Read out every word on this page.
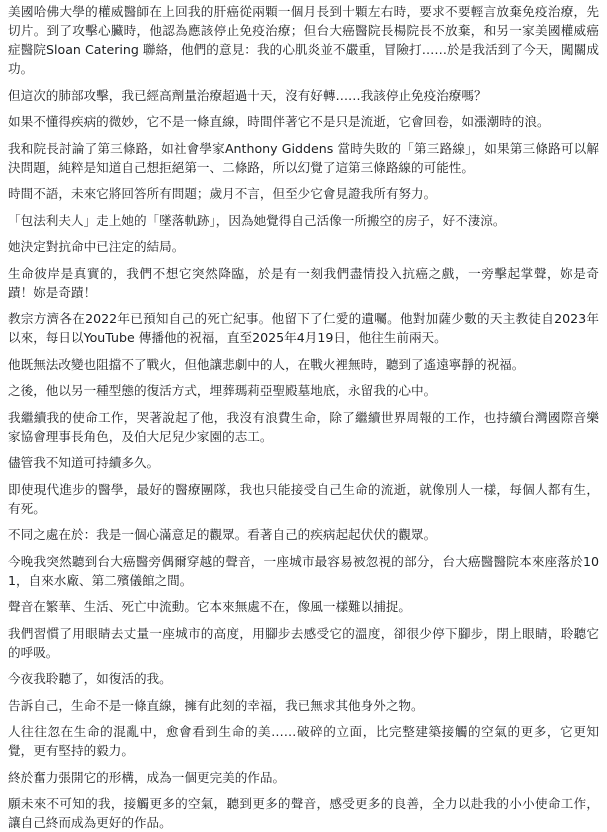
美國哈佛大學的權威醫師在上回我的肝癌從兩顆一個月長到十顆左右時，要求不要輕言放棄免疫治療，先切片。到了攻擊心臟時，他認為應該停止免疫治療；但台大癌醫院長楊院長不放棄，和另一家美國權威癌症醫院Sloan Catering 聯絡，他們的意見：我的心肌炎並不嚴重，冒險打……於是我活到了今天，闖關成功。

但這次的肺部攻擊，我已經高劑量治療超過十天，沒有好轉……我該停止免疫治療嗎？

如果不懂得疾病的微妙，它不是一條直線，時間伴著它不是只是流逝，它會回卷，如漲潮時的浪。

我和院長討論了第三條路，如社會學家Anthony Giddens 當時失敗的「第三路線」，如果第三條路可以解決問題，純粹是知道自己想拒絕第一、二條路，所以幻覺了這第三條路線的可能性。

時間不語，未來它將回答所有問題；歲月不言，但至少它會見證我所有努力。

「包法利夫人」走上她的「墜落軌跡」，因為她覺得自己活像一所搬空的房子，好不淒涼。

她決定對抗命中已注定的結局。

生命彼岸是真實的，我們不想它突然降臨，於是有一刻我們盡情投入抗癌之戲，一旁擊起掌聲，妳是奇蹟！妳是奇蹟！

教宗方濟各在2022年已預知自己的死亡紀事。他留下了仁愛的遺囑。他對加薩少數的天主教徒自2023年以來，每日以YouTube 傳播他的祝福，直至2025年4月19日，他往生前兩天。

他既無法改變也阻擋不了戰火，但他讓悲劇中的人，在戰火裡無時，聽到了遙遠寧靜的祝福。

之後，他以另一種型態的復活方式，埋葬瑪莉亞聖殿墓地底，永留我的心中。

我繼續我的使命工作，哭著說起了他，我沒有浪費生命，除了繼續世界周報的工作，也持續台灣國際音樂家協會理事長角色，及伯大尼兒少家園的志工。

儘管我不知道可持續多久。

即使現代進步的醫學，最好的醫療團隊，我也只能接受自己生命的流逝，就像別人一樣，每個人都有生，有死。

不同之處在於：我是一個心滿意足的觀眾。看著自己的疾病起起伏伏的觀眾。

今晚我突然聽到台大癌醫旁偶爾穿越的聲音，一座城市最容易被忽視的部分，台大癌醫醫院本來座落於101，自來水廠、第二殯儀館之間。

聲音在繁華、生活、死亡中流動。它本來無處不在，像風一樣難以捕捉。

我們習慣了用眼睛去丈量一座城市的高度，用腳步去感受它的溫度，卻很少停下腳步，閉上眼睛，聆聽它的呼吸。

今夜我聆聽了，如復活的我。

告訴自己，生命不是一條直線，擁有此刻的幸福，我已無求其他身外之物。

人往往忽在生命的混亂中，愈會看到生命的美……破碎的立面，比完整建築接觸的空氣的更多，它更知覺，更有堅持的毅力。

終於奮力張開它的形構，成為一個更完美的作品。

願未來不可知的我，接觸更多的空氣，聽到更多的聲音，感受更多的良善，全力以赴我的小小使命工作，讓自己終而成為更好的作品。
